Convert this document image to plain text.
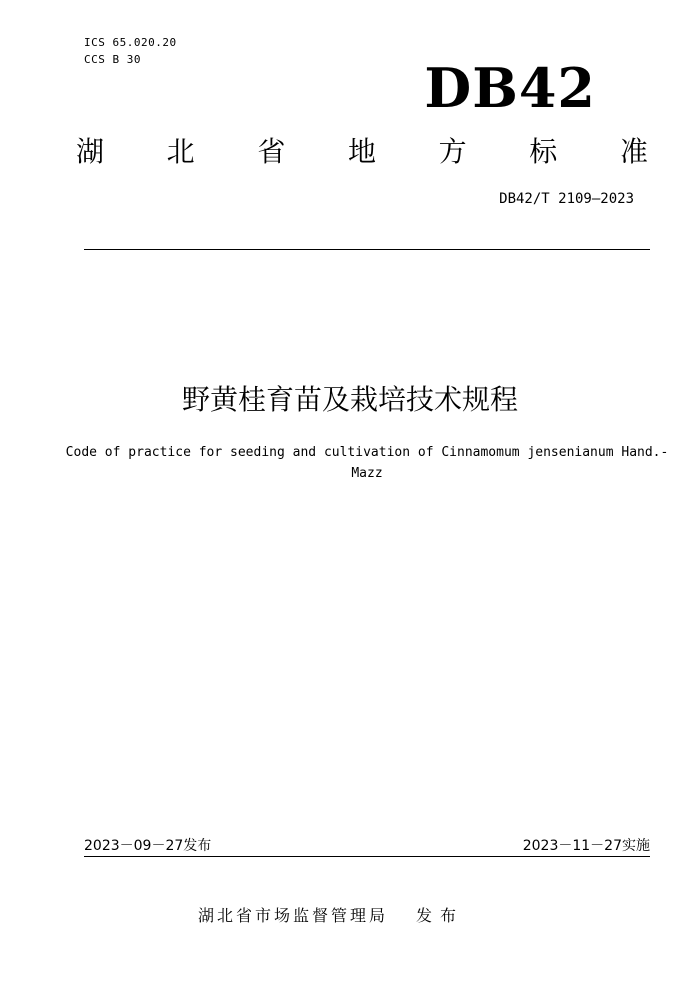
ICS 65.020.20
CCS B 30	DB42
湖 北 省 地 方 标 准
DB42/T 2109—2023
野黄桂育苗及栽培技术规程
Code of practice for seeding and cultivation of Cinnamomum jensenianum Hand.-Mazz
2023－09－27发布	2023－11－27实施
湖北省市场监督管理局 发布
